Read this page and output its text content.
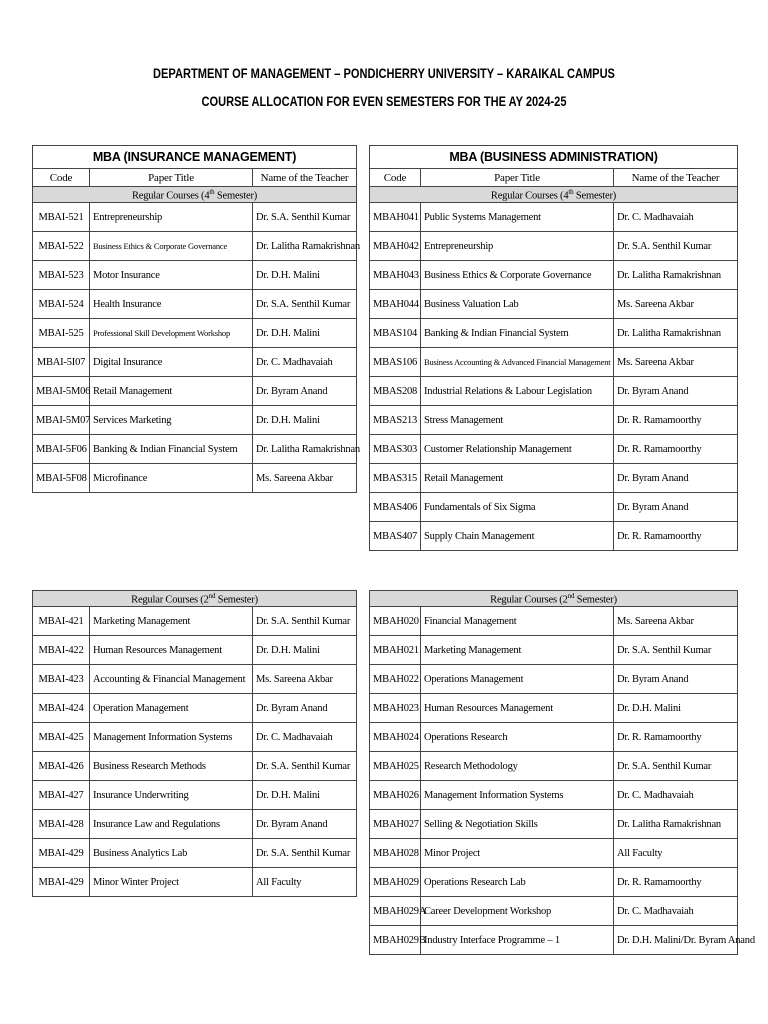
DEPARTMENT OF MANAGEMENT – PONDICHERRY UNIVERSITY – KARAIKAL CAMPUS
COURSE ALLOCATION FOR EVEN SEMESTERS FOR THE AY 2024-25
MBA (INSURANCE MANAGEMENT)		
Code	Paper Title	Name of the Teacher
Regular Courses (4th Semester)		
MBAI-521	Entrepreneurship	Dr. S.A. Senthil Kumar
MBAI-522	Business Ethics & Corporate Governance	Dr. Lalitha Ramakrishnan
MBAI-523	Motor Insurance	Dr. D.H. Malini
MBAI-524	Health Insurance	Dr. S.A. Senthil Kumar
MBAI-525	Professional Skill Development Workshop	Dr. D.H. Malini
MBAI-5I07	Digital Insurance	Dr. C. Madhavaiah
MBAI-5M06	Retail Management	Dr. Byram Anand
MBAI-5M07	Services Marketing	Dr. D.H. Malini
MBAI-5F06	Banking & Indian Financial System	Dr. Lalitha Ramakrishnan
MBAI-5F08	Microfinance	Ms. Sareena Akbar
MBA (BUSINESS ADMINISTRATION)		
Code	Paper Title	Name of the Teacher
Regular Courses (4th Semester)		
MBAH041	Public Systems Management	Dr. C. Madhavaiah
MBAH042	Entrepreneurship	Dr. S.A. Senthil Kumar
MBAH043	Business Ethics & Corporate Governance	Dr. Lalitha Ramakrishnan
MBAH044	Business Valuation Lab	Ms. Sareena Akbar
MBAS104	Banking & Indian Financial System	Dr. Lalitha Ramakrishnan
MBAS106	Business Accounting & Advanced Financial Management	Ms. Sareena Akbar
MBAS208	Industrial Relations & Labour Legislation	Dr. Byram Anand
MBAS213	Stress Management	Dr. R. Ramamoorthy
MBAS303	Customer Relationship Management	Dr. R. Ramamoorthy
MBAS315	Retail Management	Dr. Byram Anand
MBAS406	Fundamentals of Six Sigma	Dr. Byram Anand
MBAS407	Supply Chain Management	Dr. R. Ramamoorthy
Regular Courses (2nd Semester)		
MBAI-421	Marketing Management	Dr. S.A. Senthil Kumar
MBAI-422	Human Resources Management	Dr. D.H. Malini
MBAI-423	Accounting & Financial Management	Ms. Sareena Akbar
MBAI-424	Operation Management	Dr. Byram Anand
MBAI-425	Management Information Systems	Dr. C. Madhavaiah
MBAI-426	Business Research Methods	Dr. S.A. Senthil Kumar
MBAI-427	Insurance Underwriting	Dr. D.H. Malini
MBAI-428	Insurance Law and Regulations	Dr. Byram Anand
MBAI-429	Business Analytics Lab	Dr. S.A. Senthil Kumar
MBAI-429	Minor Winter Project	All Faculty
Regular Courses (2nd Semester)		
MBAH020	Financial Management	Ms. Sareena Akbar
MBAH021	Marketing Management	Dr. S.A. Senthil Kumar
MBAH022	Operations Management	Dr. Byram Anand
MBAH023	Human Resources Management	Dr. D.H. Malini
MBAH024	Operations Research	Dr. R. Ramamoorthy
MBAH025	Research Methodology	Dr. S.A. Senthil Kumar
MBAH026	Management Information Systems	Dr. C. Madhavaiah
MBAH027	Selling & Negotiation Skills	Dr. Lalitha Ramakrishnan
MBAH028	Minor Project	All Faculty
MBAH029	Operations Research Lab	Dr. R. Ramamoorthy
MBAH029A	Career Development Workshop	Dr. C. Madhavaiah
MBAH029B	Industry Interface Programme – 1	Dr. D.H. Malini/Dr. Byram Anand
